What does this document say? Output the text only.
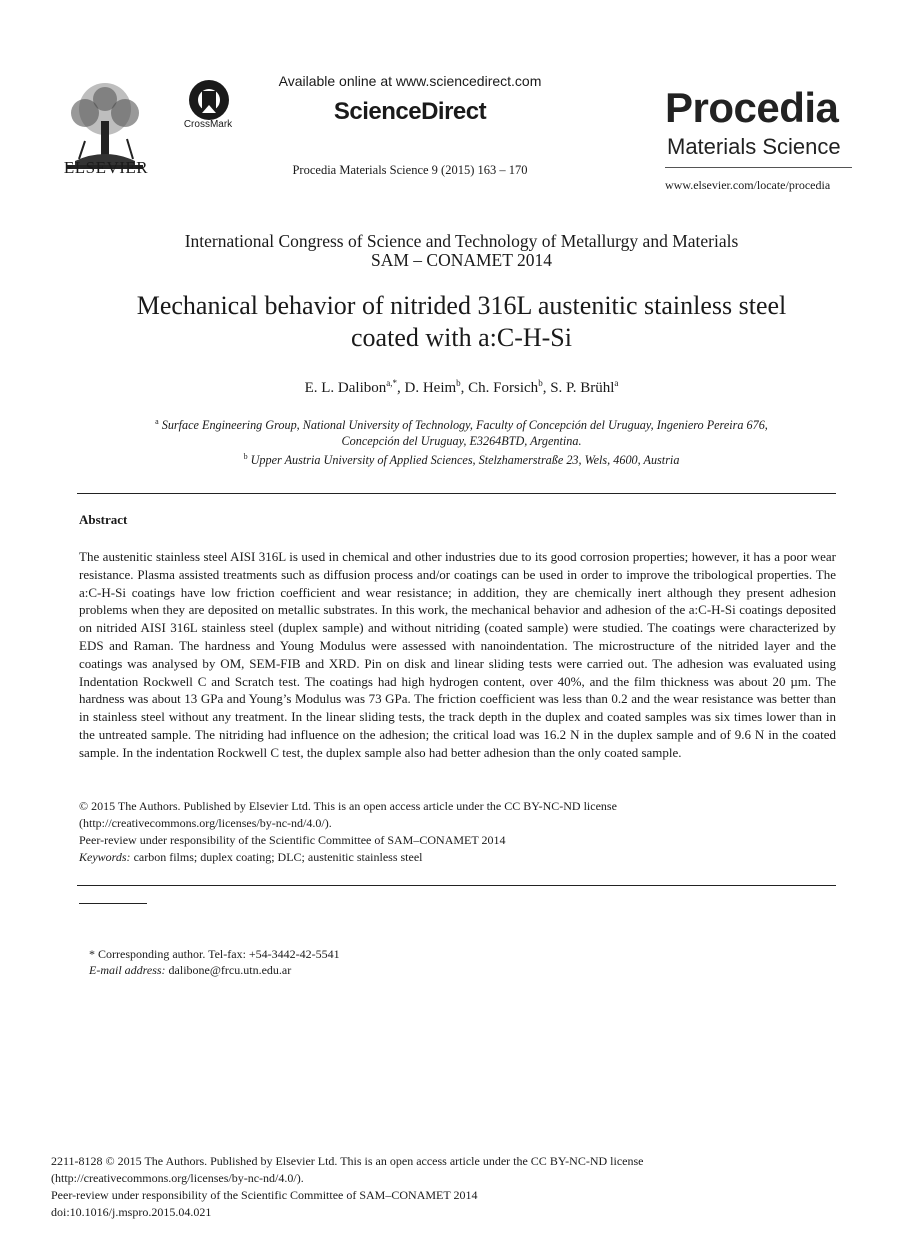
ELSEVIER
CrossMark
Available online at www.sciencedirect.com
ScienceDirect
Procedia Materials Science 9 (2015) 163 – 170
Procedia
Materials Science
www.elsevier.com/locate/procedia
International Congress of Science and Technology of Metallurgy and Materials
SAM – CONAMET 2014
Mechanical behavior of nitrided 316L austenitic stainless steel
coated with a:C-H-Si
E. L. Dalibon$^{a,*}$, D. Heim$^b$, Ch. Forsich$^b$, S. P. Brühl$^a$
$^a$ Surface Engineering Group, National University of Technology, Faculty of Concepción del Uruguay, Ingeniero Pereira 676,
Concepción del Uruguay, E3264BTD, Argentina.
$^b$ Upper Austria University of Applied Sciences, Stelzhamerstraße 23, Wels, 4600, Austria
Abstract
The austenitic stainless steel AISI 316L is used in chemical and other industries due to its good corrosion properties; however, it has a poor wear resistance. Plasma assisted treatments such as diffusion process and/or coatings can be used in order to improve the tribological properties. The a:C-H-Si coatings have low friction coefficient and wear resistance; in addition, they are chemically inert although they present adhesion problems when they are deposited on metallic substrates. In this work, the mechanical behavior and adhesion of the a:C-H-Si coatings deposited on nitrided AISI 316L stainless steel (duplex sample) and without nitriding (coated sample) were studied. The coatings were characterized by EDS and Raman. The hardness and Young Modulus were assessed with nanoindentation. The microstructure of the nitrided layer and the coatings was analysed by OM, SEM-FIB and XRD. Pin on disk and linear sliding tests were carried out. The adhesion was evaluated using Indentation Rockwell C and Scratch test. The coatings had high hydrogen content, over 40%, and the film thickness was about 20 µm. The hardness was about 13 GPa and Young’s Modulus was 73 GPa. The friction coefficient was less than 0.2 and the wear resistance was better than in stainless steel without any treatment. In the linear sliding tests, the track depth in the duplex and coated samples was six times lower than in the untreated sample. The nitriding had influence on the adhesion; the critical load was 16.2 N in the duplex sample and of 9.6 N in the coated sample. In the indentation Rockwell C test, the duplex sample also had better adhesion than the only coated sample.
© 2015 The Authors. Published by Elsevier Ltd. This is an open access article under the CC BY-NC-ND license
(http://creativecommons.org/licenses/by-nc-nd/4.0/).
Peer-review under responsibility of the Scientific Committee of SAM–CONAMET 2014
Keywords: carbon films; duplex coating; DLC; austenitic stainless steel
* Corresponding author. Tel-fax: +54-3442-42-5541
E-mail address: dalibone@frcu.utn.edu.ar
2211-8128 © 2015 The Authors. Published by Elsevier Ltd. This is an open access article under the CC BY-NC-ND license
(http://creativecommons.org/licenses/by-nc-nd/4.0/).
Peer-review under responsibility of the Scientific Committee of SAM–CONAMET 2014
doi:10.1016/j.mspro.2015.04.021
